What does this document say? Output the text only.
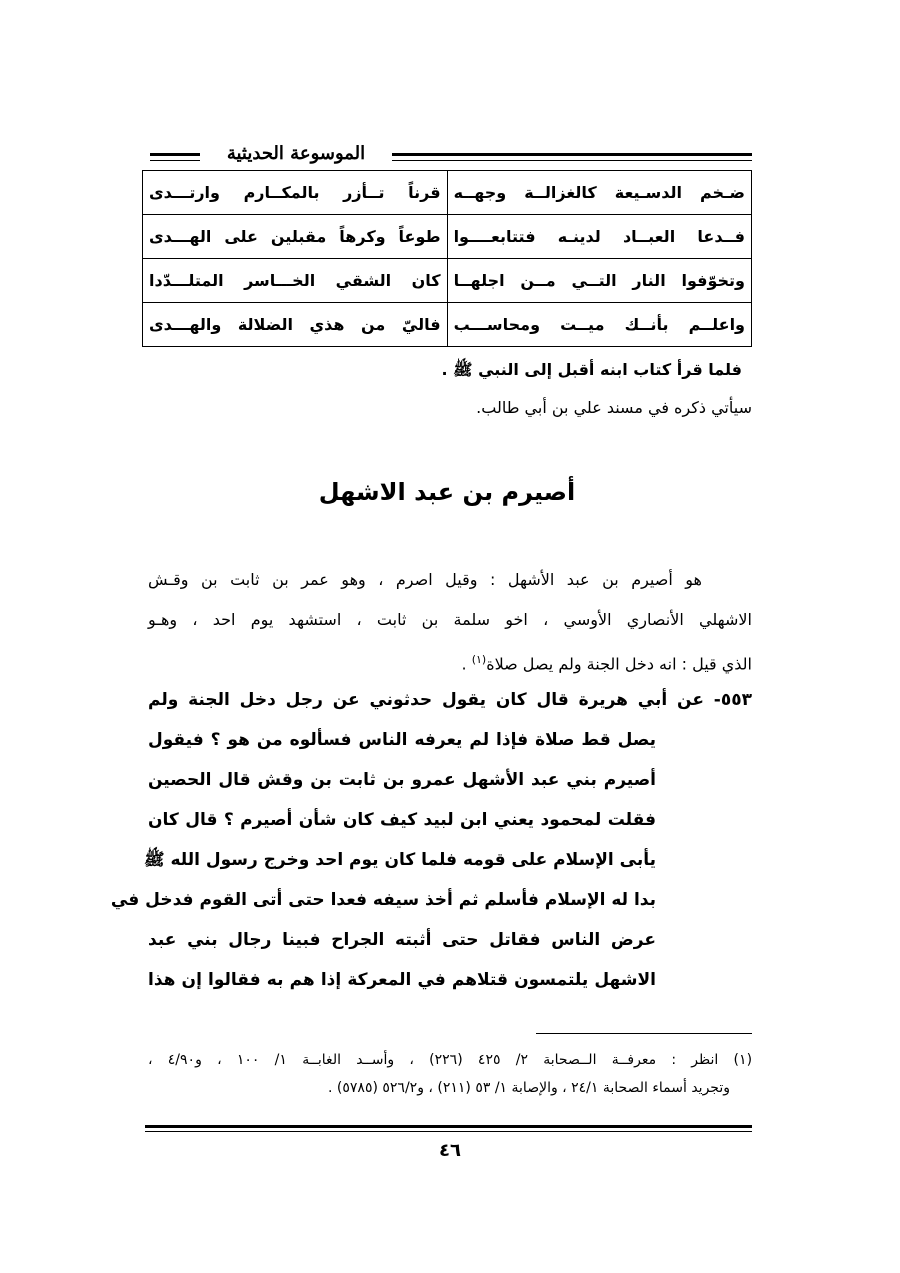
الموسوعة الحديثية
ضـخم الدسـيعة كالغزالــة وجهــه	قرناً تــأزر بالمكــارم وارتـــدى
فــدعا العبــاد لدينـه فتتابعــــوا	طوعاً وكرهاً مقبلين على الهـــدى
وتخوّفوا النار التــي مــن اجلهــا	كان الشقي الخـــاسر المتلـــدّدا
واعلــم بأنــك ميــت ومحاســـب	فاليّ من هذي الضلالة والهـــدى
فلما قرأ كتاب ابنه أقبل إلى النبي ﷺ .
سيأتي ذكره في مسند علي بن أبي طالب.
أصيرم بن عبد الاشهل

هو أصيرم بن عبد الأشهل : وقيل اصرم ، وهو عمر بن ثابت بن وقـش

الاشهلي الأنصاري الأوسي ، اخو سلمة بن ثابت ، استشهد يوم احد ، وهـو

الذي قيل : انه دخل الجنة ولم يصل صلاة$^{(١)}$ .

٥٥٣- عن أبي هريرة قال كان يقول حدثوني عن رجل دخل الجنة ولم

يصل قط صلاة فإذا لم يعرفه الناس فسألوه من هو ؟ فيقول

أصيرم بني عبد الأشهل عمرو بن ثابت بن وقش قال الحصين

فقلت لمحمود يعني ابن لبيد كيف كان شأن أصيرم ؟ قال كان

يأبى الإسلام على قومه فلما كان يوم احد وخرج رسول الله ﷺ

بدا له الإسلام فأسلم ثم أخذ سيفه فعدا حتى أتى القوم فدخل في

عرض الناس فقاتل حتى أثبته الجراح فبينا رجال بني عبد

الاشهل يلتمسون قتلاهم في المعركة إذا هم به فقالوا إن هذا

(١) انظر : معرفــة الــصحابة ٢/ ٤٢٥ (٢٢٦) ، وأســد الغابــة ١/ ١٠٠ ، و٤/٩٠ ،

وتجريد أسماء الصحابة ٢٤/١ ، والإصابة ١/ ٥٣ (٢١١) ، و٥٢٦/٢ (٥٧٨٥) .

٤٦
